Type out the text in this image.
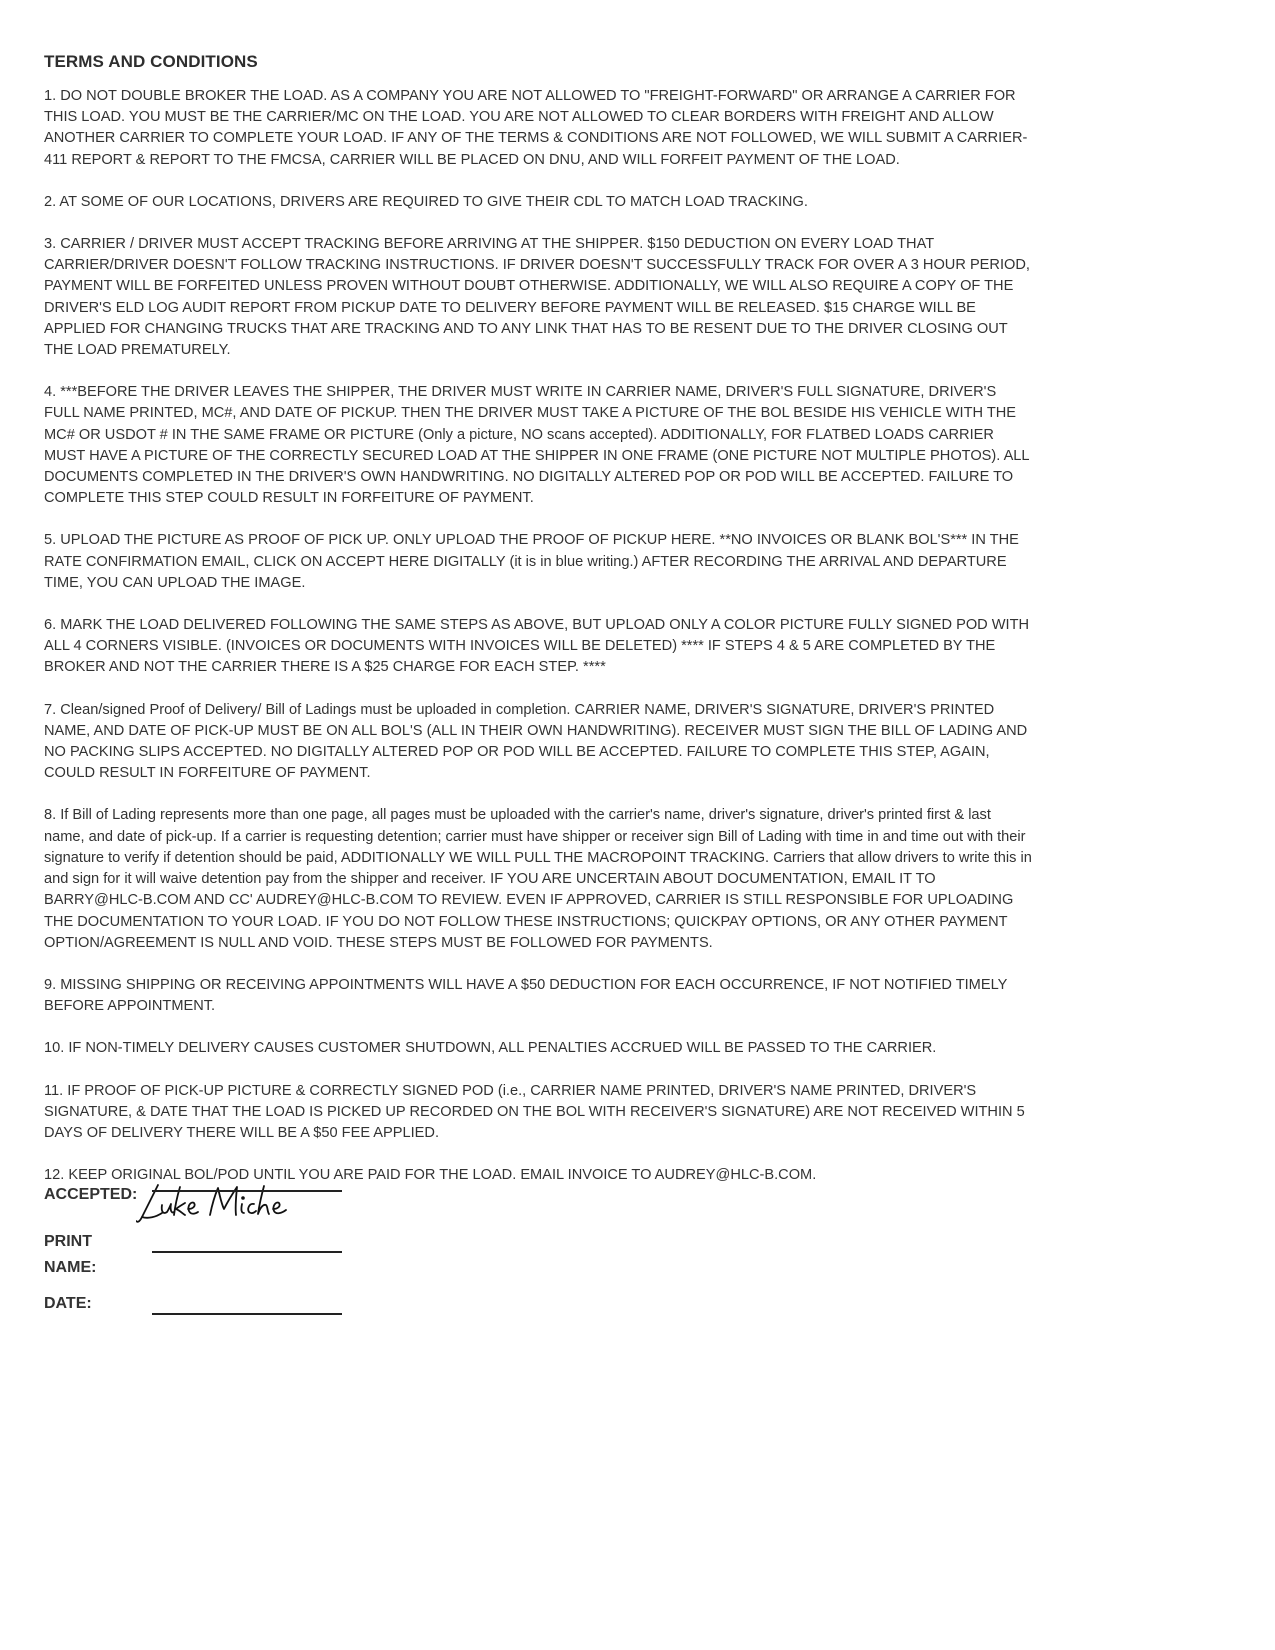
TERMS AND CONDITIONS
1. DO NOT DOUBLE BROKER THE LOAD. AS A COMPANY YOU ARE NOT ALLOWED TO "FREIGHT-FORWARD" OR ARRANGE A CARRIER FOR THIS LOAD. YOU MUST BE THE CARRIER/MC ON THE LOAD. YOU ARE NOT ALLOWED TO CLEAR BORDERS WITH FREIGHT AND ALLOW ANOTHER CARRIER TO COMPLETE YOUR LOAD. IF ANY OF THE TERMS & CONDITIONS ARE NOT FOLLOWED, WE WILL SUBMIT A CARRIER-411 REPORT & REPORT TO THE FMCSA, CARRIER WILL BE PLACED ON DNU, AND WILL FORFEIT PAYMENT OF THE LOAD.
2. AT SOME OF OUR LOCATIONS, DRIVERS ARE REQUIRED TO GIVE THEIR CDL TO MATCH LOAD TRACKING.
3. CARRIER / DRIVER MUST ACCEPT TRACKING BEFORE ARRIVING AT THE SHIPPER. $150 DEDUCTION ON EVERY LOAD THAT CARRIER/DRIVER DOESN'T FOLLOW TRACKING INSTRUCTIONS. IF DRIVER DOESN'T SUCCESSFULLY TRACK FOR OVER A 3 HOUR PERIOD, PAYMENT WILL BE FORFEITED UNLESS PROVEN WITHOUT DOUBT OTHERWISE. ADDITIONALLY, WE WILL ALSO REQUIRE A COPY OF THE DRIVER'S ELD LOG AUDIT REPORT FROM PICKUP DATE TO DELIVERY BEFORE PAYMENT WILL BE RELEASED. $15 CHARGE WILL BE APPLIED FOR CHANGING TRUCKS THAT ARE TRACKING AND TO ANY LINK THAT HAS TO BE RESENT DUE TO THE DRIVER CLOSING OUT THE LOAD PREMATURELY.
4. ***BEFORE THE DRIVER LEAVES THE SHIPPER, THE DRIVER MUST WRITE IN CARRIER NAME, DRIVER'S FULL SIGNATURE, DRIVER'S FULL NAME PRINTED, MC#, AND DATE OF PICKUP. THEN THE DRIVER MUST TAKE A PICTURE OF THE BOL BESIDE HIS VEHICLE WITH THE MC# OR USDOT # IN THE SAME FRAME OR PICTURE (Only a picture, NO scans accepted). ADDITIONALLY, FOR FLATBED LOADS CARRIER MUST HAVE A PICTURE OF THE CORRECTLY SECURED LOAD AT THE SHIPPER IN ONE FRAME (ONE PICTURE NOT MULTIPLE PHOTOS). ALL DOCUMENTS COMPLETED IN THE DRIVER'S OWN HANDWRITING. NO DIGITALLY ALTERED POP OR POD WILL BE ACCEPTED. FAILURE TO COMPLETE THIS STEP COULD RESULT IN FORFEITURE OF PAYMENT.
5. UPLOAD THE PICTURE AS PROOF OF PICK UP. ONLY UPLOAD THE PROOF OF PICKUP HERE. **NO INVOICES OR BLANK BOL'S*** IN THE RATE CONFIRMATION EMAIL, CLICK ON ACCEPT HERE DIGITALLY (it is in blue writing.) AFTER RECORDING THE ARRIVAL AND DEPARTURE TIME, YOU CAN UPLOAD THE IMAGE.
6. MARK THE LOAD DELIVERED FOLLOWING THE SAME STEPS AS ABOVE, BUT UPLOAD ONLY A COLOR PICTURE FULLY SIGNED POD WITH ALL 4 CORNERS VISIBLE. (INVOICES OR DOCUMENTS WITH INVOICES WILL BE DELETED) **** IF STEPS 4 & 5 ARE COMPLETED BY THE BROKER AND NOT THE CARRIER THERE IS A $25 CHARGE FOR EACH STEP. ****
7. Clean/signed Proof of Delivery/ Bill of Ladings must be uploaded in completion. CARRIER NAME, DRIVER'S SIGNATURE, DRIVER'S PRINTED NAME, AND DATE OF PICK-UP MUST BE ON ALL BOL'S (ALL IN THEIR OWN HANDWRITING). RECEIVER MUST SIGN THE BILL OF LADING AND NO PACKING SLIPS ACCEPTED. NO DIGITALLY ALTERED POP OR POD WILL BE ACCEPTED. FAILURE TO COMPLETE THIS STEP, AGAIN, COULD RESULT IN FORFEITURE OF PAYMENT.
8. If Bill of Lading represents more than one page, all pages must be uploaded with the carrier's name, driver's signature, driver's printed first & last name, and date of pick-up. If a carrier is requesting detention; carrier must have shipper or receiver sign Bill of Lading with time in and time out with their signature to verify if detention should be paid, ADDITIONALLY WE WILL PULL THE MACROPOINT TRACKING. Carriers that allow drivers to write this in and sign for it will waive detention pay from the shipper and receiver. IF YOU ARE UNCERTAIN ABOUT DOCUMENTATION, EMAIL IT TO BARRY@HLC-B.COM AND CC' AUDREY@HLC-B.COM TO REVIEW. EVEN IF APPROVED, CARRIER IS STILL RESPONSIBLE FOR UPLOADING THE DOCUMENTATION TO YOUR LOAD. IF YOU DO NOT FOLLOW THESE INSTRUCTIONS; QUICKPAY OPTIONS, OR ANY OTHER PAYMENT OPTION/AGREEMENT IS NULL AND VOID. THESE STEPS MUST BE FOLLOWED FOR PAYMENTS.
9. MISSING SHIPPING OR RECEIVING APPOINTMENTS WILL HAVE A $50 DEDUCTION FOR EACH OCCURRENCE, IF NOT NOTIFIED TIMELY BEFORE APPOINTMENT.
10. IF NON-TIMELY DELIVERY CAUSES CUSTOMER SHUTDOWN, ALL PENALTIES ACCRUED WILL BE PASSED TO THE CARRIER.
11. IF PROOF OF PICK-UP PICTURE & CORRECTLY SIGNED POD (i.e., CARRIER NAME PRINTED, DRIVER'S NAME PRINTED, DRIVER'S SIGNATURE, & DATE THAT THE LOAD IS PICKED UP RECORDED ON THE BOL WITH RECEIVER'S SIGNATURE) ARE NOT RECEIVED WITHIN 5 DAYS OF DELIVERY THERE WILL BE A $50 FEE APPLIED.
12. KEEP ORIGINAL BOL/POD UNTIL YOU ARE PAID FOR THE LOAD. EMAIL INVOICE TO AUDREY@HLC-B.COM.
ACCEPTED:
PRINT
NAME:
DATE:
